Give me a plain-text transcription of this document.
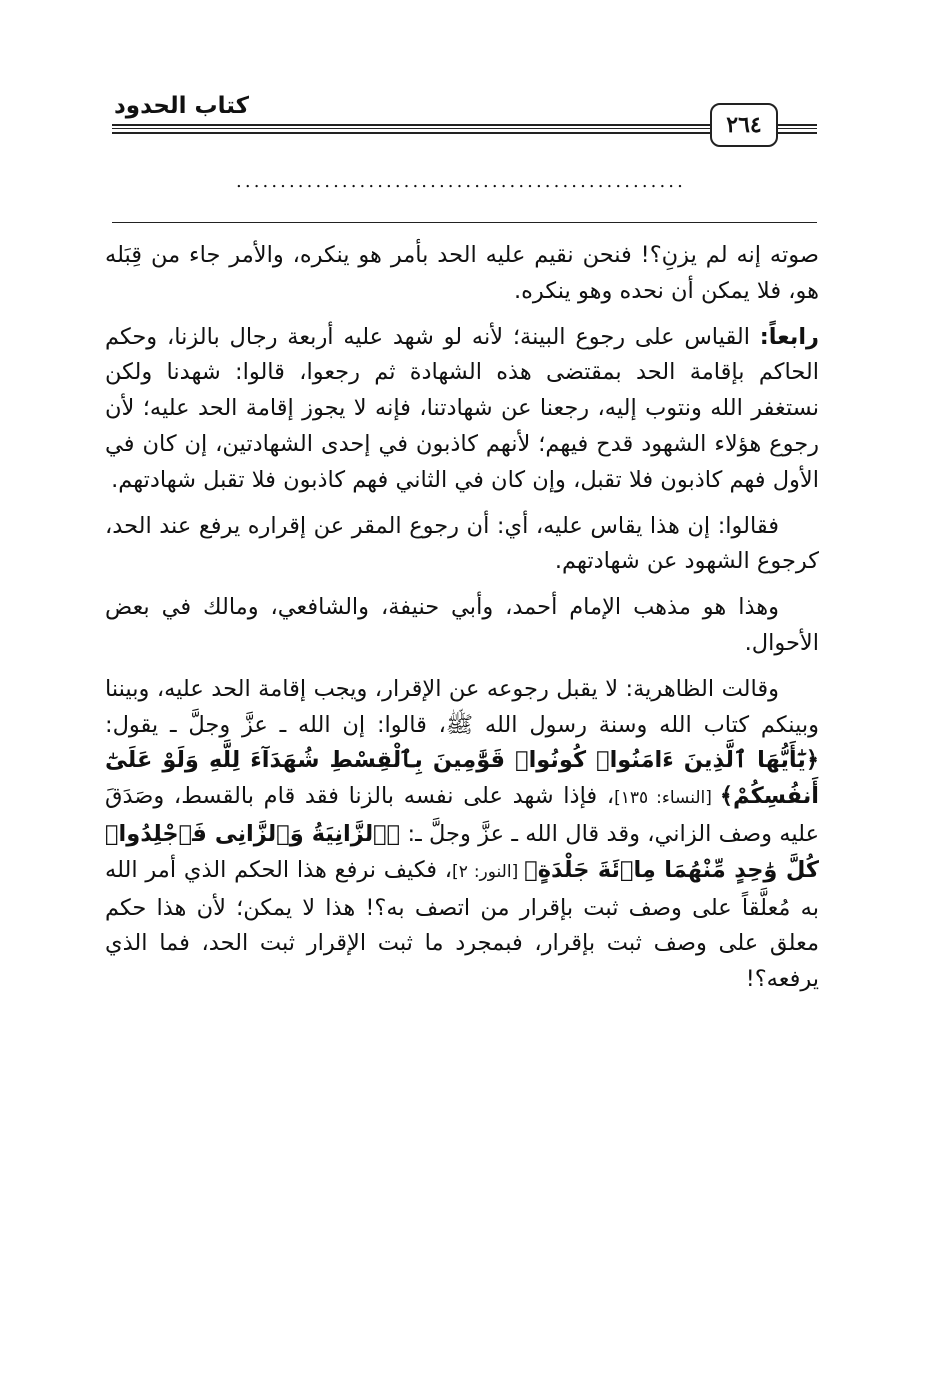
كتاب الحدود
٢٦٤
...................................................

صوته إنه لم يزنِ؟! فنحن نقيم عليه الحد بأمر هو ينكره، والأمر جاء من قِبَله هو، فلا يمكن أن نحده وهو ينكره.

رابعاً: القياس على رجوع البينة؛ لأنه لو شهد عليه أربعة رجال بالزنا، وحكم الحاكم بإقامة الحد بمقتضى هذه الشهادة ثم رجعوا، قالوا: شهدنا ولكن نستغفر الله ونتوب إليه، رجعنا عن شهادتنا، فإنه لا يجوز إقامة الحد عليه؛ لأن رجوع هؤلاء الشهود قدح فيهم؛ لأنهم كاذبون في إحدى الشهادتين، إن كان في الأول فهم كاذبون فلا تقبل، وإن كان في الثاني فهم كاذبون فلا تقبل شهادتهم.

فقالوا: إن هذا يقاس عليه، أي: أن رجوع المقر عن إقراره يرفع عند الحد، كرجوع الشهود عن شهادتهم.

وهذا هو مذهب الإمام أحمد، وأبي حنيفة، والشافعي، ومالك في بعض الأحوال.

وقالت الظاهرية: لا يقبل رجوعه عن الإقرار، ويجب إقامة الحد عليه، وبيننا وبينكم كتاب الله وسنة رسول الله ﷺ، قالوا: إن الله ـ عزَّ وجلَّ ـ يقول: ﴿يَٰٓأَيُّهَا ٱلَّذِينَ ءَامَنُوا۟ كُونُوا۟ قَوَّٰمِينَ بِٱلْقِسْطِ شُهَدَآءَ لِلَّهِ وَلَوْ عَلَىٰٓ أَنفُسِكُمْ﴾ [النساء: ١٣٥]، فإذا شهد على نفسه بالزنا فقد قام بالقسط، وصَدَقَ عليه وصف الزاني، وقد قال الله ـ عزَّ وجلَّ ـ: ﴿ٱلزَّانِيَةُ وَٱلزَّانِى فَٱجْلِدُوا۟ كُلَّ وَٰحِدٍ مِّنْهُمَا مِا۟ئَةَ جَلْدَةٍ﴾ [النور: ٢]، فكيف نرفع هذا الحكم الذي أمر الله به مُعلَّقاً على وصف ثبت بإقرار من اتصف به؟! هذا لا يمكن؛ لأن هذا حكم معلق على وصف ثبت بإقرار، فبمجرد ما ثبت الإقرار ثبت الحد، فما الذي يرفعه؟!
